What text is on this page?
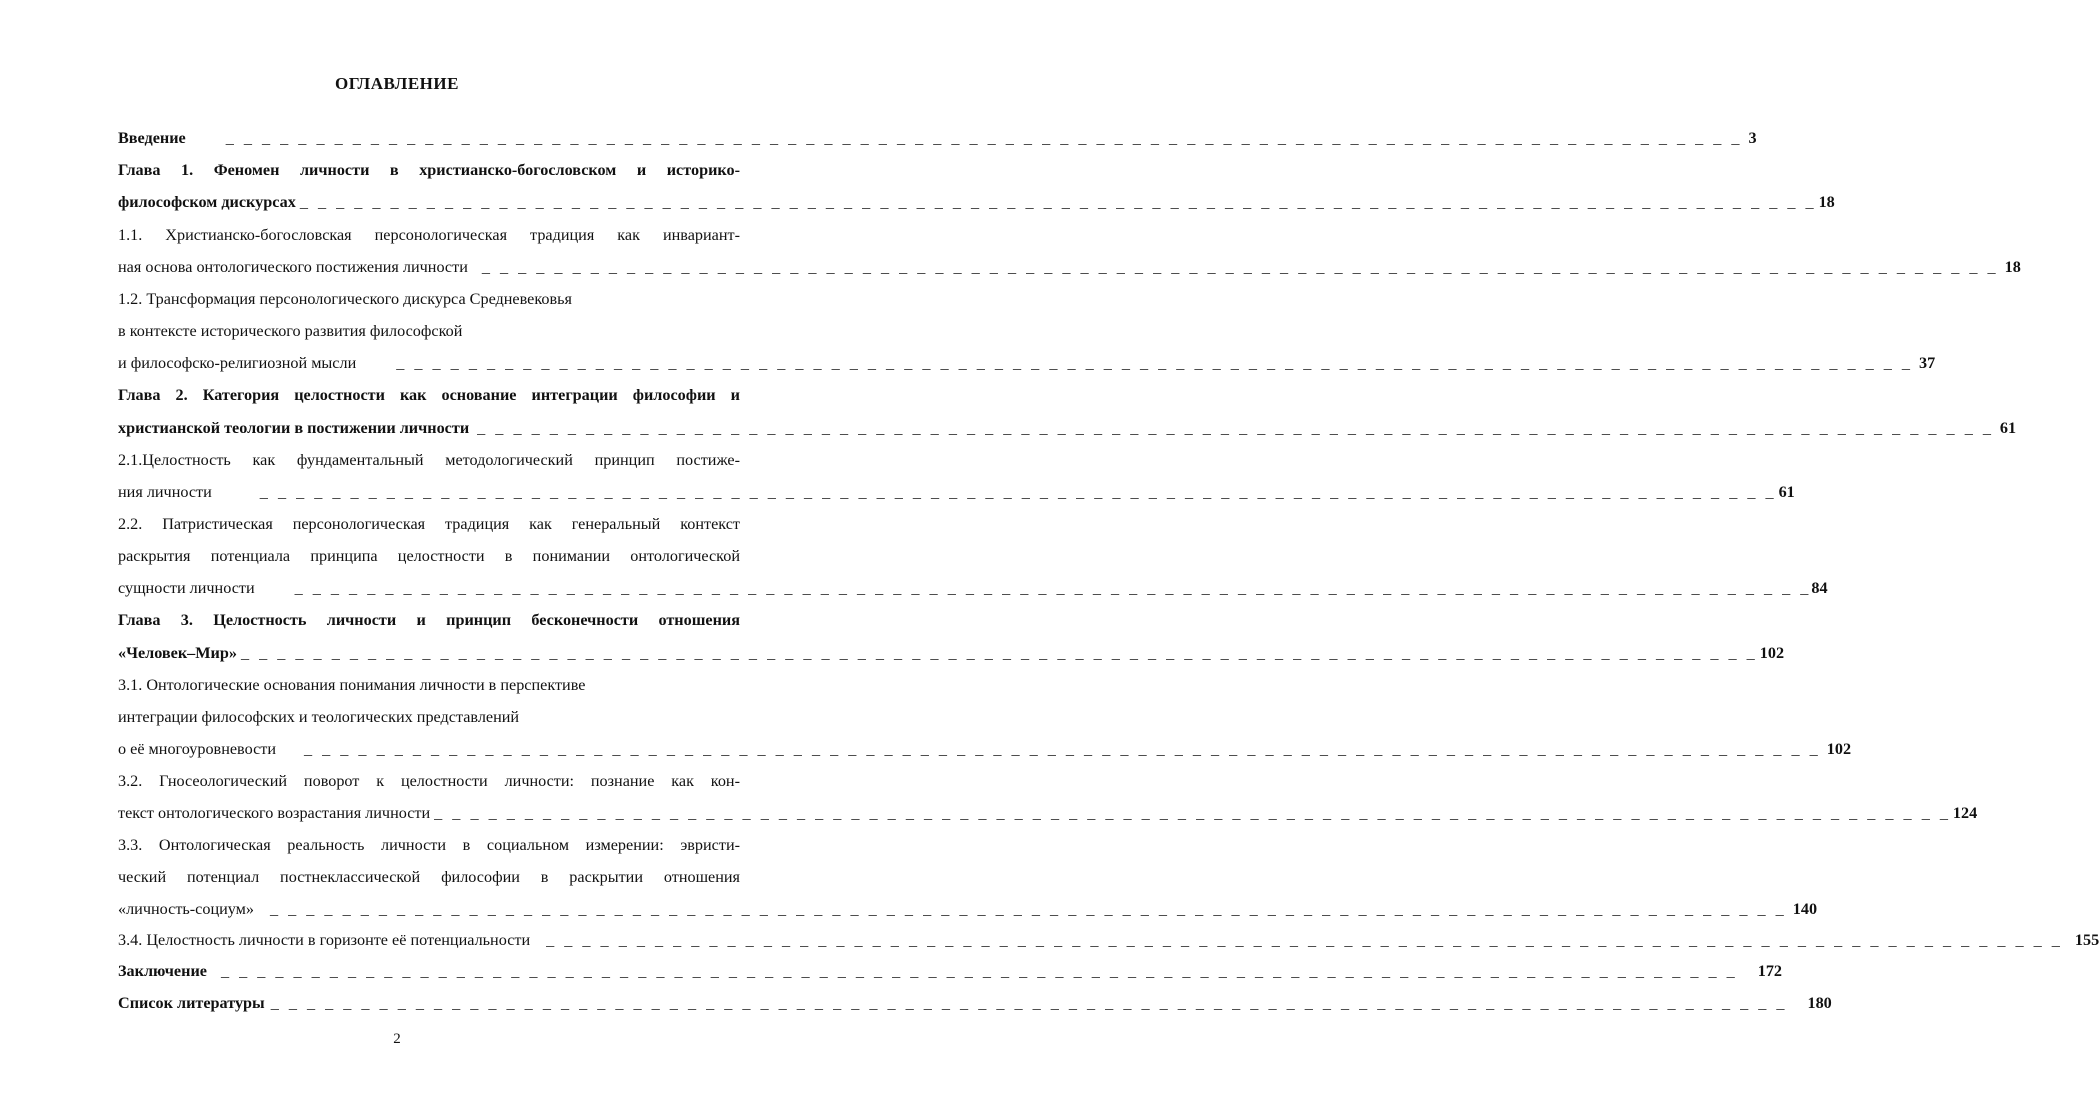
ОГЛАВЛЕНИЕ
Введение _ _ _ _ _ _ _ _ _ _ _ _ _ _ _ _ _ _ _ _ _ _ _ _ _ _ _ _ _ _ _ _ _ _ _ _ _ _ _ _ _ _ _ _ _ _ _ _ _ _ _ _ _ _ _ _ _ _ _ _ _ _ _ _ _ _ _ _ _ _ _ _ _ _ _ _ _ _ _ _ _ _ _ _ 3
Глава 1. Феномен личности в христианско-богословском и историко-
философском дискурсах _ _ _ _ _ _ _ _ _ _ _ _ _ _ _ _ _ _ _ _ _ _ _ _ _ _ _ _ _ _ _ _ _ _ _ _ _ _ _ _ _ _ _ _ _ _ _ _ _ _ _ _ _ _ _ _ _ _ _ _ _ _ _ _ _ _ _ _ _ _ _ _ _ _ _ _ _ _ _ _ _ _ _ _ 18
1.1. Христианско-богословская персонологическая традиция как инвариант-
ная основа онтологического постижения личности _ _ _ _ _ _ _ _ _ _ _ _ _ _ _ _ _ _ _ _ _ _ _ _ _ _ _ _ _ _ _ _ _ _ _ _ _ _ _ _ _ _ _ _ _ _ _ _ _ _ _ _ _ _ _ _ _ _ _ _ _ _ _ _ _ _ _ _ _ _ _ _ _ _ _ _ _ _ _ _ _ _ _ _ 18
1.2. Трансформация персонологического дискурса Средневековья
в контексте исторического развития философской
и философско-религиозной мысли _ _ _ _ _ _ _ _ _ _ _ _ _ _ _ _ _ _ _ _ _ _ _ _ _ _ _ _ _ _ _ _ _ _ _ _ _ _ _ _ _ _ _ _ _ _ _ _ _ _ _ _ _ _ _ _ _ _ _ _ _ _ _ _ _ _ _ _ _ _ _ _ _ _ _ _ _ _ _ _ _ _ _ _ 37
Глава 2. Категория целостности как основание интеграции философии и
христианской теологии в постижении личности _ _ _ _ _ _ _ _ _ _ _ _ _ _ _ _ _ _ _ _ _ _ _ _ _ _ _ _ _ _ _ _ _ _ _ _ _ _ _ _ _ _ _ _ _ _ _ _ _ _ _ _ _ _ _ _ _ _ _ _ _ _ _ _ _ _ _ _ _ _ _ _ _ _ _ _ _ _ _ _ _ _ _ _ 61
2.1.Целостность как фундаментальный методологический принцип постиже-
ния личности	_ _ _ _ _ _ _ _ _ _ _ _ _ _ _ _ _ _ _ _ _ _ _ _ _ _ _ _ _ _ _ _ _ _ _ _ _ _ _ _ _ _ _ _ _ _ _ _ _ _ _ _ _ _ _ _ _ _ _ _ _ _ _ _ _ _ _ _ _ _ _ _ _ _ _ _ _ _ _ _ _ _ _ _ 61
2.2. Патристическая персонологическая традиция как генеральный контекст
раскрытия потенциала принципа целостности в понимании онтологической
сущности личности _ _ _ _ _ _ _ _ _ _ _ _ _ _ _ _ _ _ _ _ _ _ _ _ _ _ _ _ _ _ _ _ _ _ _ _ _ _ _ _ _ _ _ _ _ _ _ _ _ _ _ _ _ _ _ _ _ _ _ _ _ _ _ _ _ _ _ _ _ _ _ _ _ _ _ _ _ _ _ _ _ _ _ _ 84
Глава 3. Целостность личности и принцип бесконечности отношения
«Человек–Мир» _ _ _ _ _ _ _ _ _ _ _ _ _ _ _ _ _ _ _ _ _ _ _ _ _ _ _ _ _ _ _ _ _ _ _ _ _ _ _ _ _ _ _ _ _ _ _ _ _ _ _ _ _ _ _ _ _ _ _ _ _ _ _ _ _ _ _ _ _ _ _ _ _ _ _ _ _ _ _ _ _ _ _ _ 102
3.1. Онтологические основания понимания личности в перспективе
интеграции философских и теологических представлений
о её многоуровневости _ _ _ _ _ _ _ _ _ _ _ _ _ _ _ _ _ _ _ _ _ _ _ _ _ _ _ _ _ _ _ _ _ _ _ _ _ _ _ _ _ _ _ _ _ _ _ _ _ _ _ _ _ _ _ _ _ _ _ _ _ _ _ _ _ _ _ _ _ _ _ _ _ _ _ _ _ _ _ _ _ _ _ _ 102
3.2. Гносеологический поворот к целостности личности: познание как кон-
текст онтологического возрастания личности _ _ _ _ _ _ _ _ _ _ _ _ _ _ _ _ _ _ _ _ _ _ _ _ _ _ _ _ _ _ _ _ _ _ _ _ _ _ _ _ _ _ _ _ _ _ _ _ _ _ _ _ _ _ _ _ _ _ _ _ _ _ _ _ _ _ _ _ _ _ _ _ _ _ _ _ _ _ _ _ _ _ _ _ 124
3.3. Онтологическая реальность личности в социальном измерении: эвристи-
ческий потенциал постнеклассической философии в раскрытии отношения
«личность-социум» _ _ _ _ _ _ _ _ _ _ _ _ _ _ _ _ _ _ _ _ _ _ _ _ _ _ _ _ _ _ _ _ _ _ _ _ _ _ _ _ _ _ _ _ _ _ _ _ _ _ _ _ _ _ _ _ _ _ _ _ _ _ _ _ _ _ _ _ _ _ _ _ _ _ _ _ _ _ _ _ _ _ _ _ 140
3.4. Целостность личности в горизонте её потенциальности _ _ _ _ _ _ _ _ _ _ _ _ _ _ _ _ _ _ _ _ _ _ _ _ _ _ _ _ _ _ _ _ _ _ _ _ _ _ _ _ _ _ _ _ _ _ _ _ _ _ _ _ _ _ _ _ _ _ _ _ _ _ _ _ _ _ _ _ _ _ _ _ _ _ _ _ _ _ _ _ _ _ _ _ 155
Заключение _ _ _ _ _ _ _ _ _ _ _ _ _ _ _ _ _ _ _ _ _ _ _ _ _ _ _ _ _ _ _ _ _ _ _ _ _ _ _ _ _ _ _ _ _ _ _ _ _ _ _ _ _ _ _ _ _ _ _ _ _ _ _ _ _ _ _ _ _ _ _ _ _ _ _ _ _ _ _ _ _ _ _ _ 172
Список литературы _ _ _ _ _ _ _ _ _ _ _ _ _ _ _ _ _ _ _ _ _ _ _ _ _ _ _ _ _ _ _ _ _ _ _ _ _ _ _ _ _ _ _ _ _ _ _ _ _ _ _ _ _ _ _ _ _ _ _ _ _ _ _ _ _ _ _ _ _ _ _ _ _ _ _ _ _ _ _ _ _ _ _ _ 180
2
